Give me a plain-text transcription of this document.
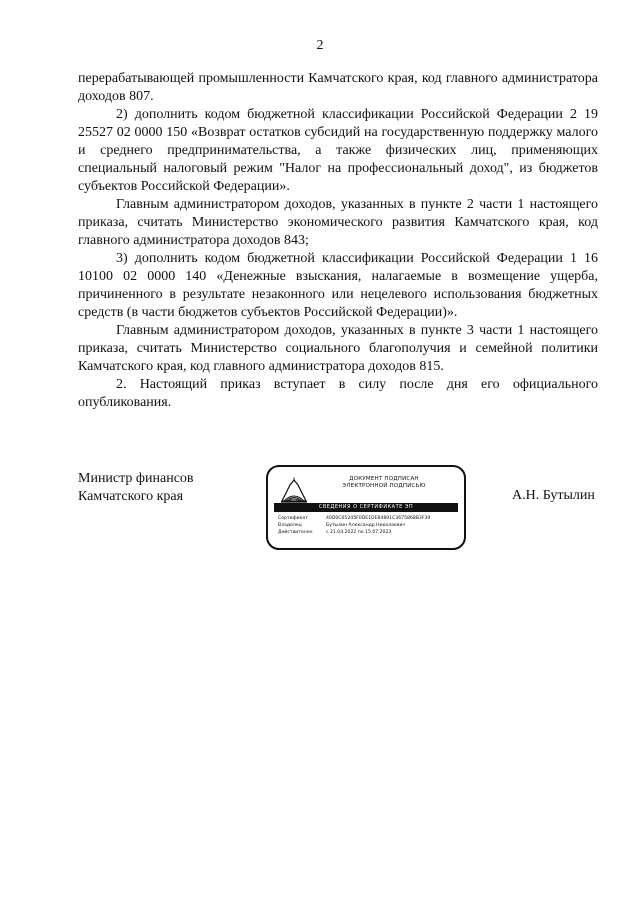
2

перерабатывающей промышленности Камчатского края, код главного администратора доходов 807.

2) дополнить кодом бюджетной классификации Российской Федерации 2 19 25527 02 0000 150 «Возврат остатков субсидий на государственную поддержку малого и среднего предпринимательства, а также физических лиц, применяющих специальный налоговый режим "Налог на профессиональный доход", из бюджетов субъектов Российской Федерации».

Главным администратором доходов, указанных в пункте 2 части 1 настоящего приказа, считать Министерство экономического развития Камчатского края, код главного администратора доходов 843;

3) дополнить кодом бюджетной классификации Российской Федерации 1 16 10100 02 0000 140 «Денежные взыскания, налагаемые в возмещение ущерба, причиненного в результате незаконного или нецелевого использования бюджетных средств (в части бюджетов субъектов Российской Федерации)».

Главным администратором доходов, указанных в пункте 3 части 1 настоящего приказа, считать Министерство социального благополучия и семейной политики Камчатского края, код главного администратора доходов 815.

2. Настоящий приказ вступает в силу после дня его официального опубликования.

Министр финансов
Камчатского края
ДОКУМЕНТ ПОДПИСАН
ЭЛЕКТРОННОЙ ПОДПИСЬЮ
СВЕДЕНИЯ О СЕРТИФИКАТЕ ЭП
Сертификат	40D0C05245F0DE1DE84891C3675868B3F39
Владелец	Бутылин Александр Николаевич
Действителен	с 21.04.2022 по 15.07.2023
А.Н. Бутылин
